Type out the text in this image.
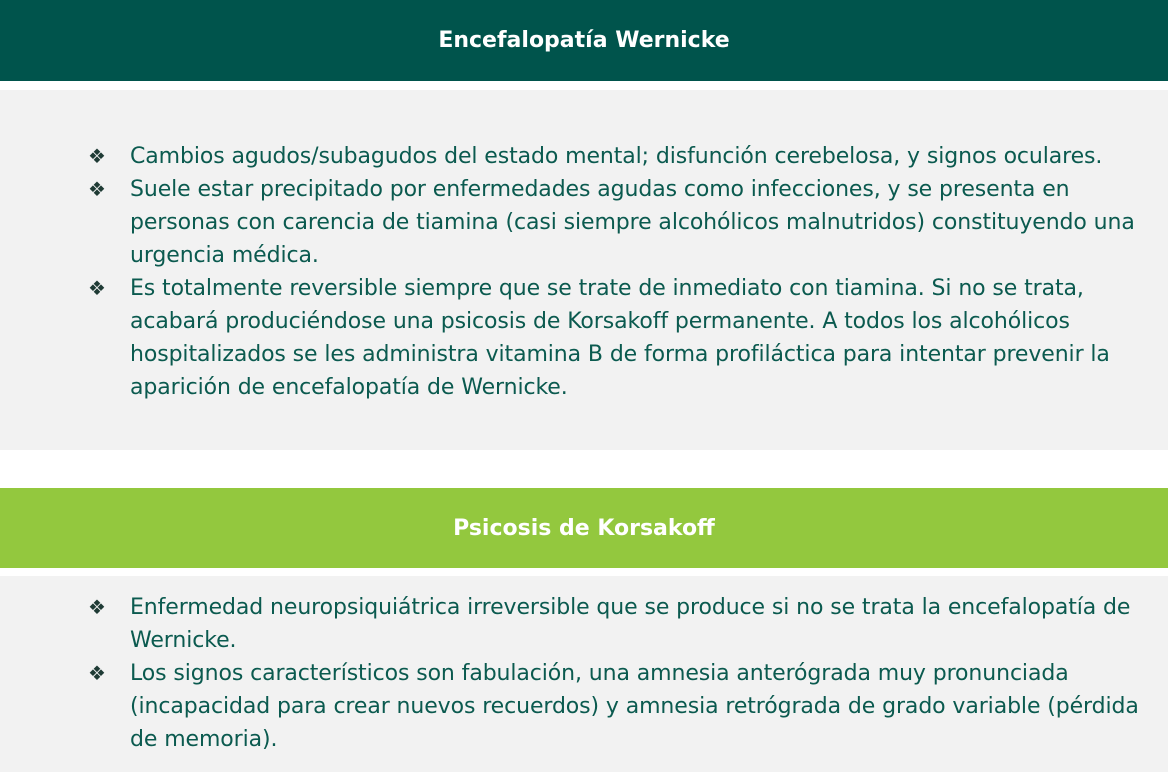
Encefalopatía Wernicke
❖ Cambios agudos/subagudos del estado mental; disfunción cerebelosa, y signos oculares.
❖ Suele estar precipitado por enfermedades agudas como infecciones, y se presenta en personas con carencia de tiamina (casi siempre alcohólicos malnutridos) constituyendo una urgencia médica.
❖ Es totalmente reversible siempre que se trate de inmediato con tiamina. Si no se trata, acabará produciéndose una psicosis de Korsakoff permanente. A todos los alcohólicos hospitalizados se les administra vitamina B de forma profiláctica para intentar prevenir la aparición de encefalopatía de Wernicke.
Psicosis de Korsakoff
❖ Enfermedad neuropsiquiátrica irreversible que se produce si no se trata la encefalopatía de Wernicke.
❖ Los signos característicos son fabulación, una amnesia anterógrada muy pronunciada (incapacidad para crear nuevos recuerdos) y amnesia retrógrada de grado variable (pérdida de memoria).
